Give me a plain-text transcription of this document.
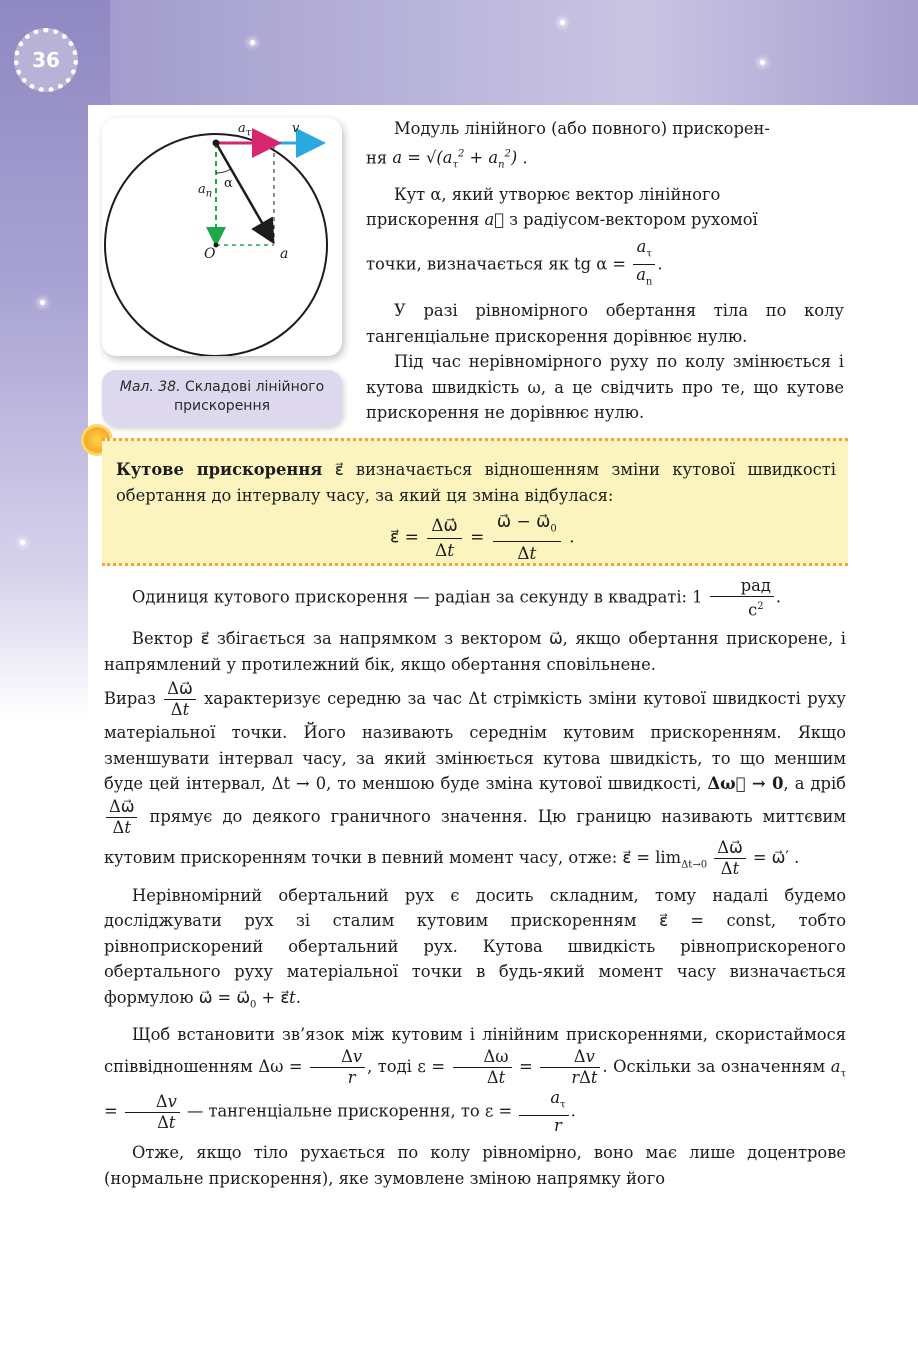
36
$a_\tau$	v
$a_n$
α
O	a
Мал. 38. Складові лінійного прискорення

Модуль лінійного (або повного) прискорен-

ня $a = √(a_\tau^2 + a_n^2)$ .

Кут α, який утворює вектор лінійного

прискорення a⃗ з радіусом-вектором рухомої

точки, визначається як tg $\alpha = \frac{a_\tau}{a_n}$ .

У разі рівномірного обертання тіла по колу тангенціальне прискорення дорівнює нулю.

Під час нерівномірного руху по колу змінюється і кутова швидкість ω, а це свідчить про те, що кутове прискорення не дорівнює нулю.

Кутове прискорення ε⃗ визначається відношенням зміни кутової швидкості обертання до інтервалу часу, за який ця зміна відбулася:
ε⃗ = $\frac{\Delta\omega⃗}{\Delta t} = \frac{\omega⃗ - \omega⃗_0}{\Delta t}$ .

Одиниця кутового прискорення — радіан за секунду в квадраті: $1 \frac{\text{рад}}{с^2}$ .

Вектор ε⃗ збігається за напрямком з вектором ω⃗, якщо обертання прискорене, і напрямлений у протилежний бік, якщо обертання сповільнене.

Вираз $\frac{\Delta\omega⃗}{\Delta t}$ характеризує середню за час Δt стрімкість зміни кутової швидкості руху матеріальної точки. Його називають середнім кутовим прискоренням. Якщо зменшувати інтервал часу, за який змінюється кутова швидкість, то що меншим буде цей інтервал, Δt → 0, то меншою буде зміна кутової швидкості, Δω⃗ → 0, а дріб
$\frac{\Delta\omega⃗}{\Delta t}$ прямує до деякого граничного значення. Цю границю називають миттєвим кутовим прискоренням точки в певний момент часу, отже: ε⃗ = $\lim_{\Delta t\to 0} \frac{\Delta\omega⃗}{\Delta t}$ = ω⃗′ .

Нерівномірний обертальний рух є досить складним, тому надалі будемо досліджувати рух зі сталим кутовим прискоренням ε⃗ = const, тобто рівноприскорений обертальний рух. Кутова швидкість рівноприскореного обертального руху матеріальної точки в будь-який момент часу визначається формулою ω⃗ = $\omega⃗_0$ + ε⃗t.

Щоб встановити зв’язок між кутовим і лінійним прискореннями, скористаймося співвідношенням $\Delta\omega = \frac{\Delta v}{r}$ , тоді $\varepsilon = \frac{\Delta\omega}{\Delta t} = \frac{\Delta v}{\text{rΔt}}$ . Оскільки за означенням $a_\tau = \frac{\Delta v}{\Delta t}$ — тангенціальне прискорення, то $\varepsilon = \frac{a_\tau}{r}$ .

Отже, якщо тіло рухається по колу рівномірно, воно має лише доцентрове (нормальне прискорення), яке зумовлене зміною напрямку його
